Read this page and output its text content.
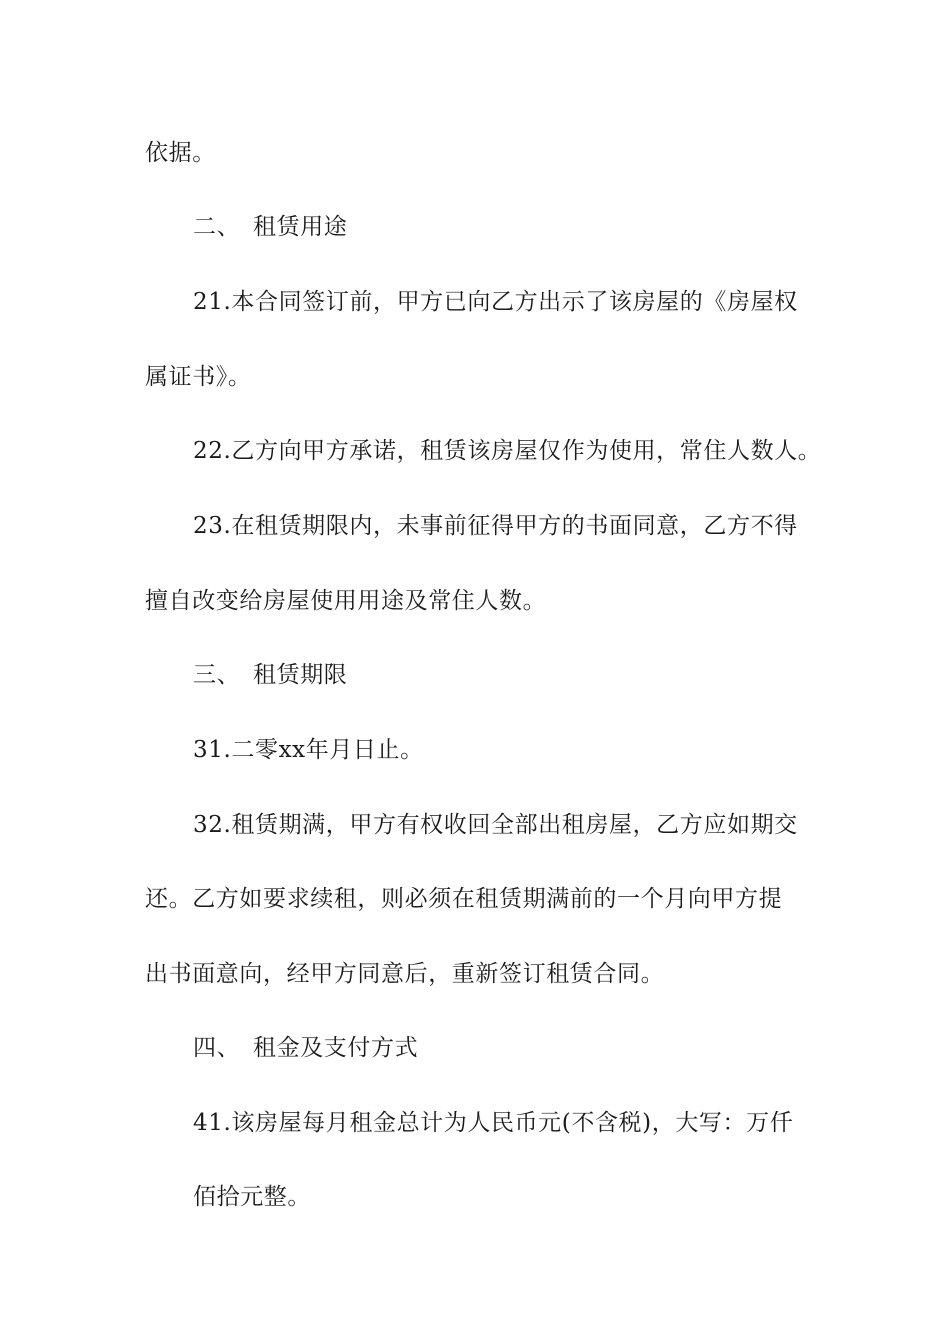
依据。
二、 租赁用途
21.本合同签订前，甲方已向乙方出示了该房屋的《房屋权
属证书》。
22.乙方向甲方承诺，租赁该房屋仅作为使用，常住人数人。
23.在租赁期限内，未事前征得甲方的书面同意，乙方不得
擅自改变给房屋使用用途及常住人数。
三、 租赁期限
31.二零xx年月日止。
32.租赁期满，甲方有权收回全部出租房屋，乙方应如期交
还。乙方如要求续租，则必须在租赁期满前的一个月向甲方提
出书面意向，经甲方同意后，重新签订租赁合同。
四、 租金及支付方式
41.该房屋每月租金总计为人民币元(不含税)，大写：万仟
佰拾元整。
